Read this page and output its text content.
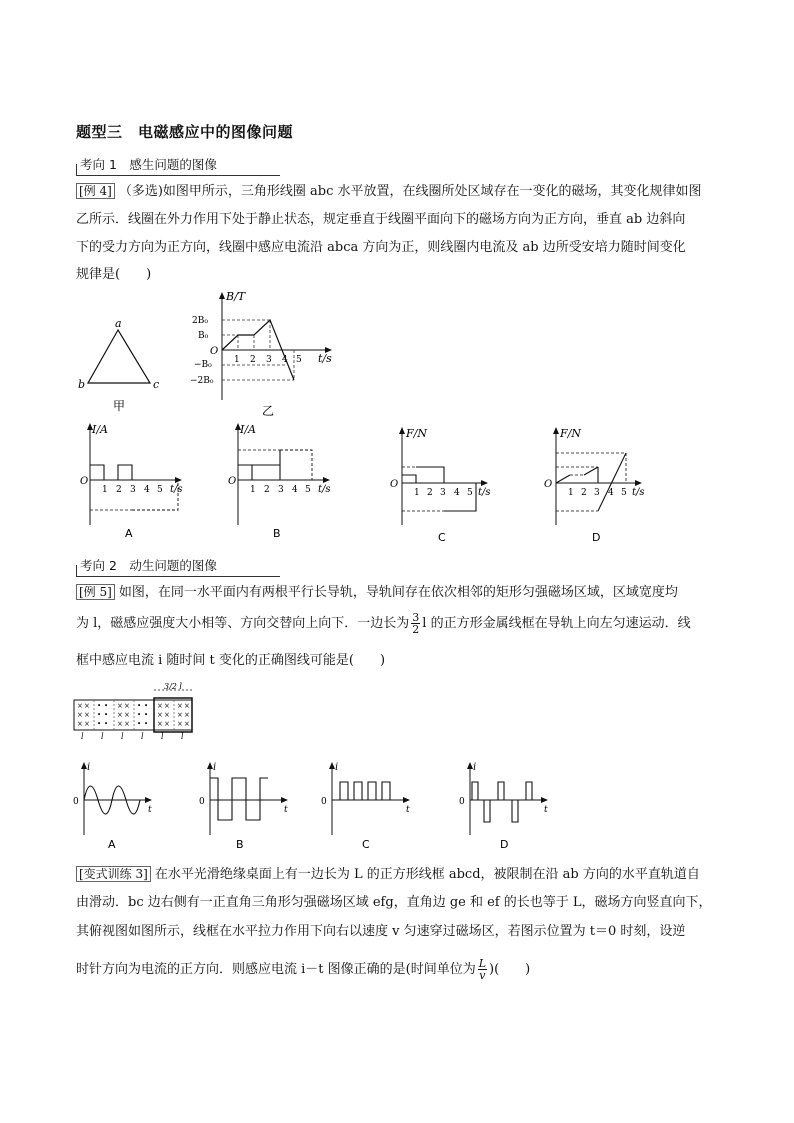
题型三　电磁感应中的图像问题
考向 1　感生问题的图像
[例 4] （多选)如图甲所示，三角形线圈 abc 水平放置，在线圈所处区域存在一变化的磁场，其变化规律如图
乙所示．线圈在外力作用下处于静止状态，规定垂直于线圈平面向下的磁场方向为正方向，垂直 ab 边斜向
下的受力方向为正方向，线圈中感应电流沿 abca 方向为正，则线圈内电流及 ab 边所受安培力随时间变化
规律是(　　)
a
b	c
甲
B/T
t/s
O
2B₀
B₀
−B₀
−2B₀
1 2 3 4 5
乙
I/A
O
t/s
1 2 3 4 5
A
I/A
O
t/s
1 2 3 4 5
B
F/N
O
t/s
1 2 3 4 5
C
F/N
O
t/s
1 2 3 4 5
D
考向 2　动生问题的图像
[例 5] 如图，在同一水平面内有两根平行长导轨，导轨间存在依次相邻的矩形匀强磁场区域，区域宽度均
为 l，磁感应强度大小相等、方向交替向上向下．一边长为 $\frac{3}{2}$ l 的正方形金属线框在导轨上向左匀速运动．线
框中感应电流 i 随时间 t 变化的正确图线可能是(　　)
× ×
× ×
× ×
• •
• •
• •
× ×
× ×
× ×
• •
• •
• •
× ×
× ×
× ×
× ×
× ×
× ×
3/2 l
l l l l l l
i
0
t
A
i
0
t
B
i
0
t
C
i
0
t
D
[变式训练 3] 在水平光滑绝缘桌面上有一边长为 L 的正方形线框 abcd，被限制在沿 ab 方向的水平直轨道自
由滑动．bc 边右侧有一正直角三角形匀强磁场区域 efg，直角边 ge 和 ef 的长也等于 L，磁场方向竖直向下，
其俯视图如图所示，线框在水平拉力作用下向右以速度 v 匀速穿过磁场区，若图示位置为 t＝0 时刻，设逆
时针方向为电流的正方向．则感应电流 i－t 图像正确的是(时间单位为 $\frac{L}{v}$ )(　　)
